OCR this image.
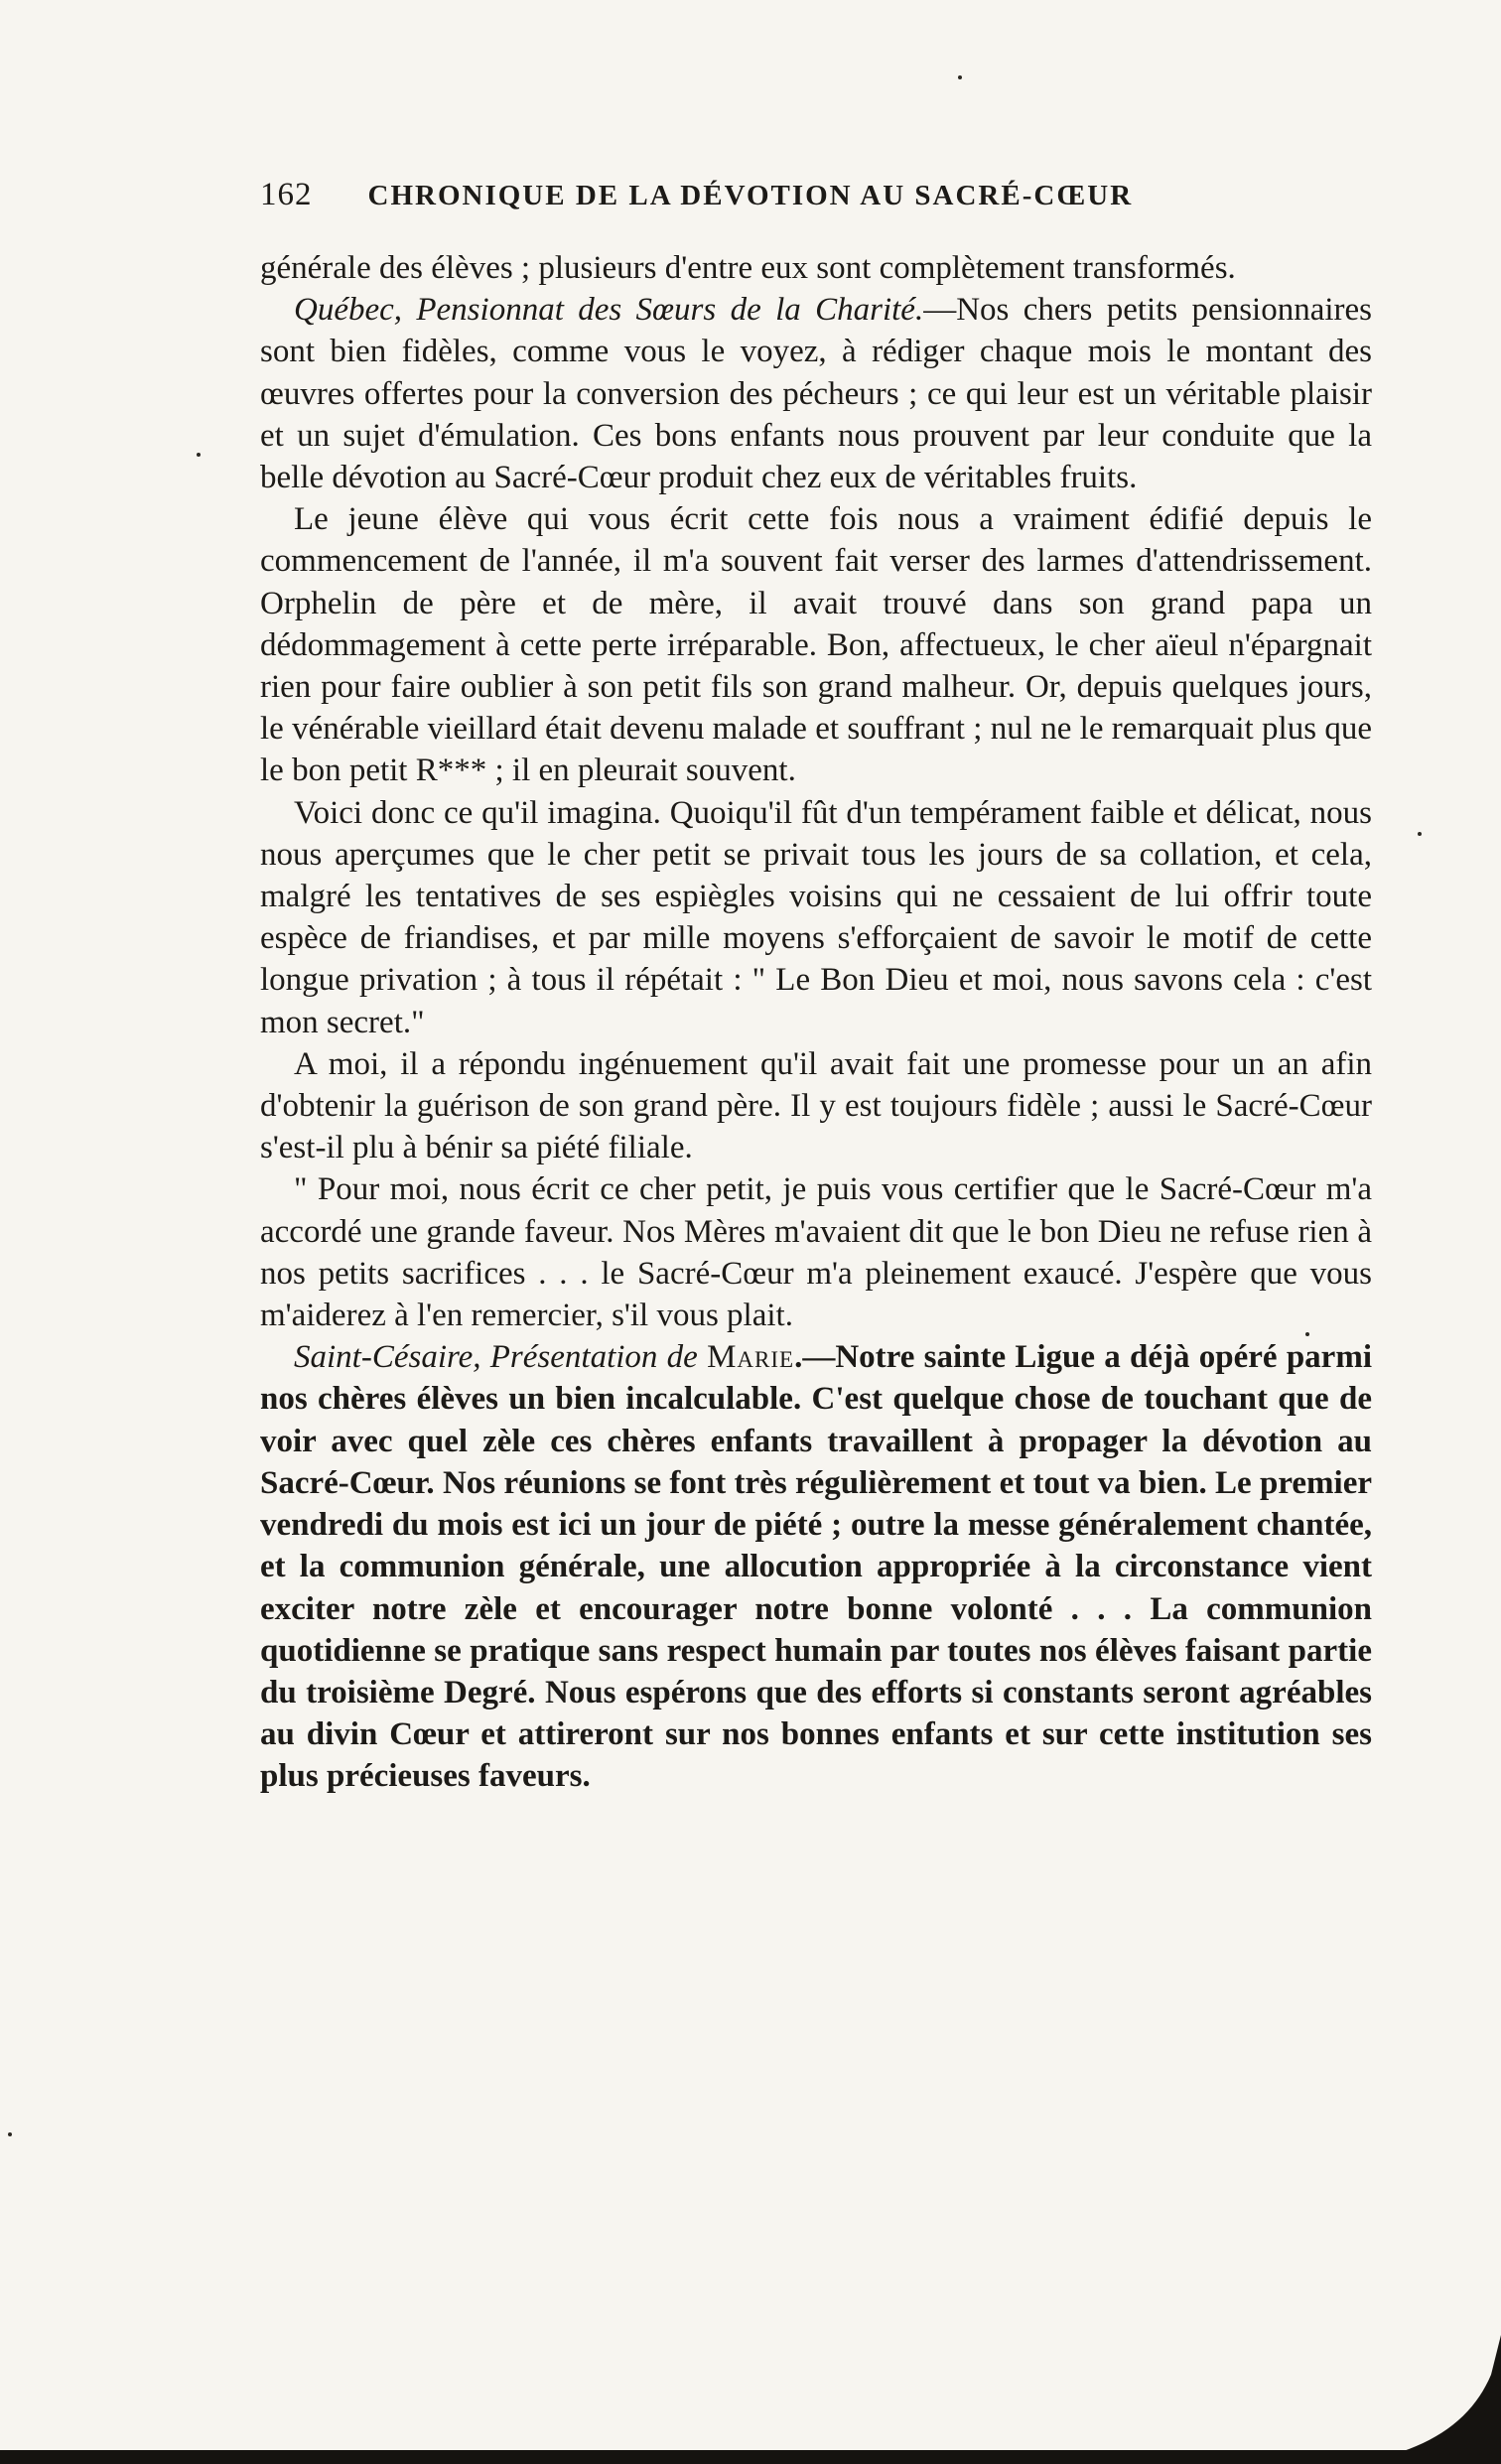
162 CHRONIQUE DE LA DÉVOTION AU SACRÉ-CŒUR

générale des élèves ; plusieurs d'entre eux sont complètement transformés.

Québec, Pensionnat des Sœurs de la Charité.—Nos chers petits pensionnaires sont bien fidèles, comme vous le voyez, à rédiger chaque mois le montant des œuvres offertes pour la conversion des pécheurs ; ce qui leur est un véritable plaisir et un sujet d'émulation. Ces bons enfants nous prouvent par leur conduite que la belle dévotion au Sacré-Cœur produit chez eux de véritables fruits.

Le jeune élève qui vous écrit cette fois nous a vraiment édifié depuis le commencement de l'année, il m'a souvent fait verser des larmes d'attendrissement. Orphelin de père et de mère, il avait trouvé dans son grand papa un dédommagement à cette perte irréparable. Bon, affectueux, le cher aïeul n'épargnait rien pour faire oublier à son petit fils son grand malheur. Or, depuis quelques jours, le vénérable vieillard était devenu malade et souffrant ; nul ne le remarquait plus que le bon petit R*** ; il en pleurait souvent.

Voici donc ce qu'il imagina. Quoiqu'il fût d'un tempérament faible et délicat, nous nous aperçumes que le cher petit se privait tous les jours de sa collation, et cela, malgré les tentatives de ses espiègles voisins qui ne cessaient de lui offrir toute espèce de friandises, et par mille moyens s'efforçaient de savoir le motif de cette longue privation ; à tous il répétait : " Le Bon Dieu et moi, nous savons cela : c'est mon secret."

A moi, il a répondu ingénuement qu'il avait fait une promesse pour un an afin d'obtenir la guérison de son grand père. Il y est toujours fidèle ; aussi le Sacré-Cœur s'est-il plu à bénir sa piété filiale.

" Pour moi, nous écrit ce cher petit, je puis vous certifier que le Sacré-Cœur m'a accordé une grande faveur. Nos Mères m'avaient dit que le bon Dieu ne refuse rien à nos petits sacrifices . . . le Sacré-Cœur m'a pleinement exaucé. J'espère que vous m'aiderez à l'en remercier, s'il vous plait.

Saint-Césaire, Présentation de Marie.—Notre sainte Ligue a déjà opéré parmi nos chères élèves un bien incalculable. C'est quelque chose de touchant que de voir avec quel zèle ces chères enfants travaillent à propager la dévotion au Sacré-Cœur. Nos réunions se font très régulièrement et tout va bien. Le premier vendredi du mois est ici un jour de piété ; outre la messe généralement chantée, et la communion générale, une allocution appropriée à la circonstance vient exciter notre zèle et encourager notre bonne volonté . . . La communion quotidienne se pratique sans respect humain par toutes nos élèves faisant partie du troisième Degré. Nous espérons que des efforts si constants seront agréables au divin Cœur et attireront sur nos bonnes enfants et sur cette institution ses plus précieuses faveurs.
